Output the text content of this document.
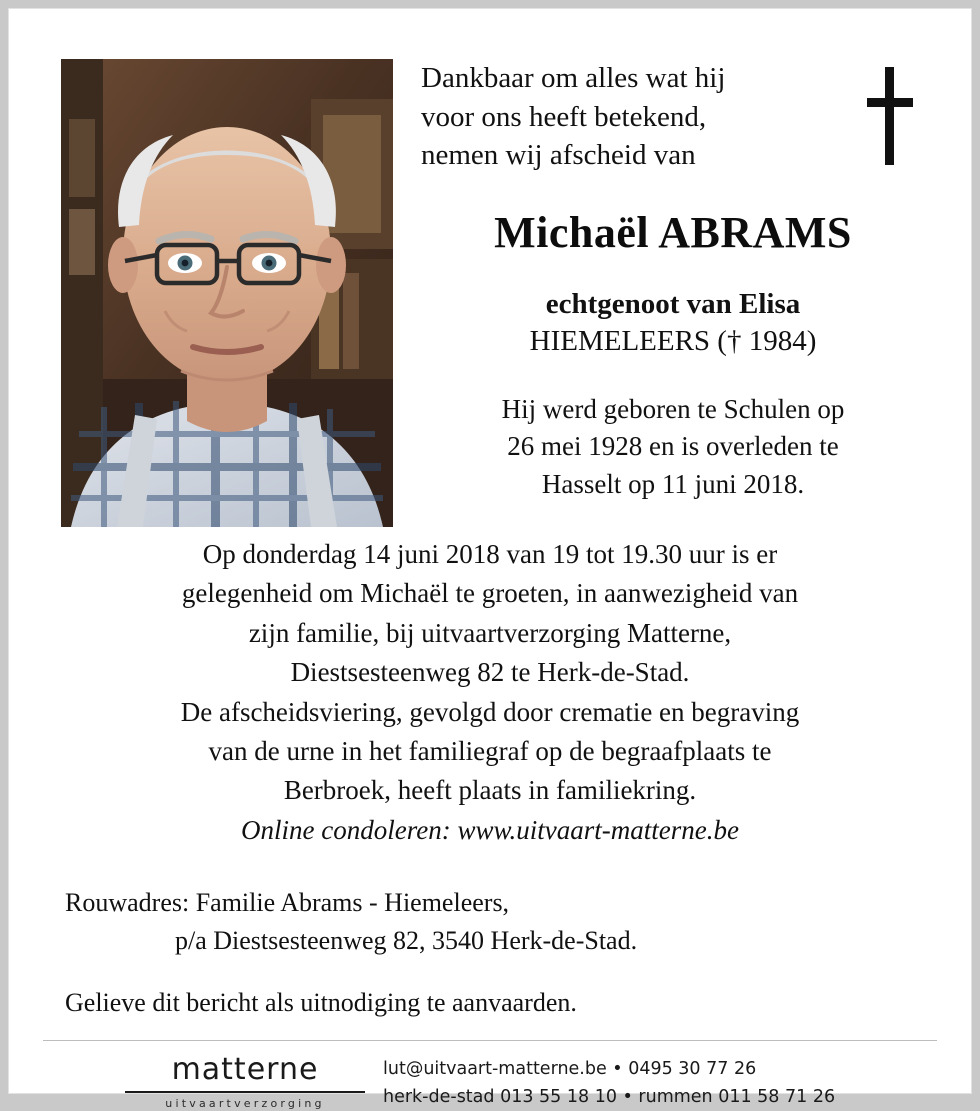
Dankbaar om alles wat hij
voor ons heeft betekend,
nemen wij afscheid van
Michaël ABRAMS
echtgenoot van Elisa
HIEMELEERS († 1984)
Hij werd geboren te Schulen op
26 mei 1928 en is overleden te
Hasselt op 11 juni 2018.

Op donderdag 14 juni 2018 van 19 tot 19.30 uur is er

gelegenheid om Michaël te groeten, in aanwezigheid van

zijn familie, bij uitvaartverzorging Matterne,

Diestsesteenweg 82 te Herk-de-Stad.

De afscheidsviering, gevolgd door crematie en begraving

van de urne in het familiegraf op de begraafplaats te

Berbroek, heeft plaats in familiekring.

Online condoleren: www.uitvaart-matterne.be

Rouwadres: Familie Abrams - Hiemeleers,
p/a Diestsesteenweg 82, 3540 Herk-de-Stad.
Gelieve dit bericht als uitnodiging te aanvaarden.
matterne
uitvaartverzorging
lut@uitvaart-matterne.be • 0495 30 77 26
herk-de-stad 013 55 18 10 • rummen 011 58 71 26
